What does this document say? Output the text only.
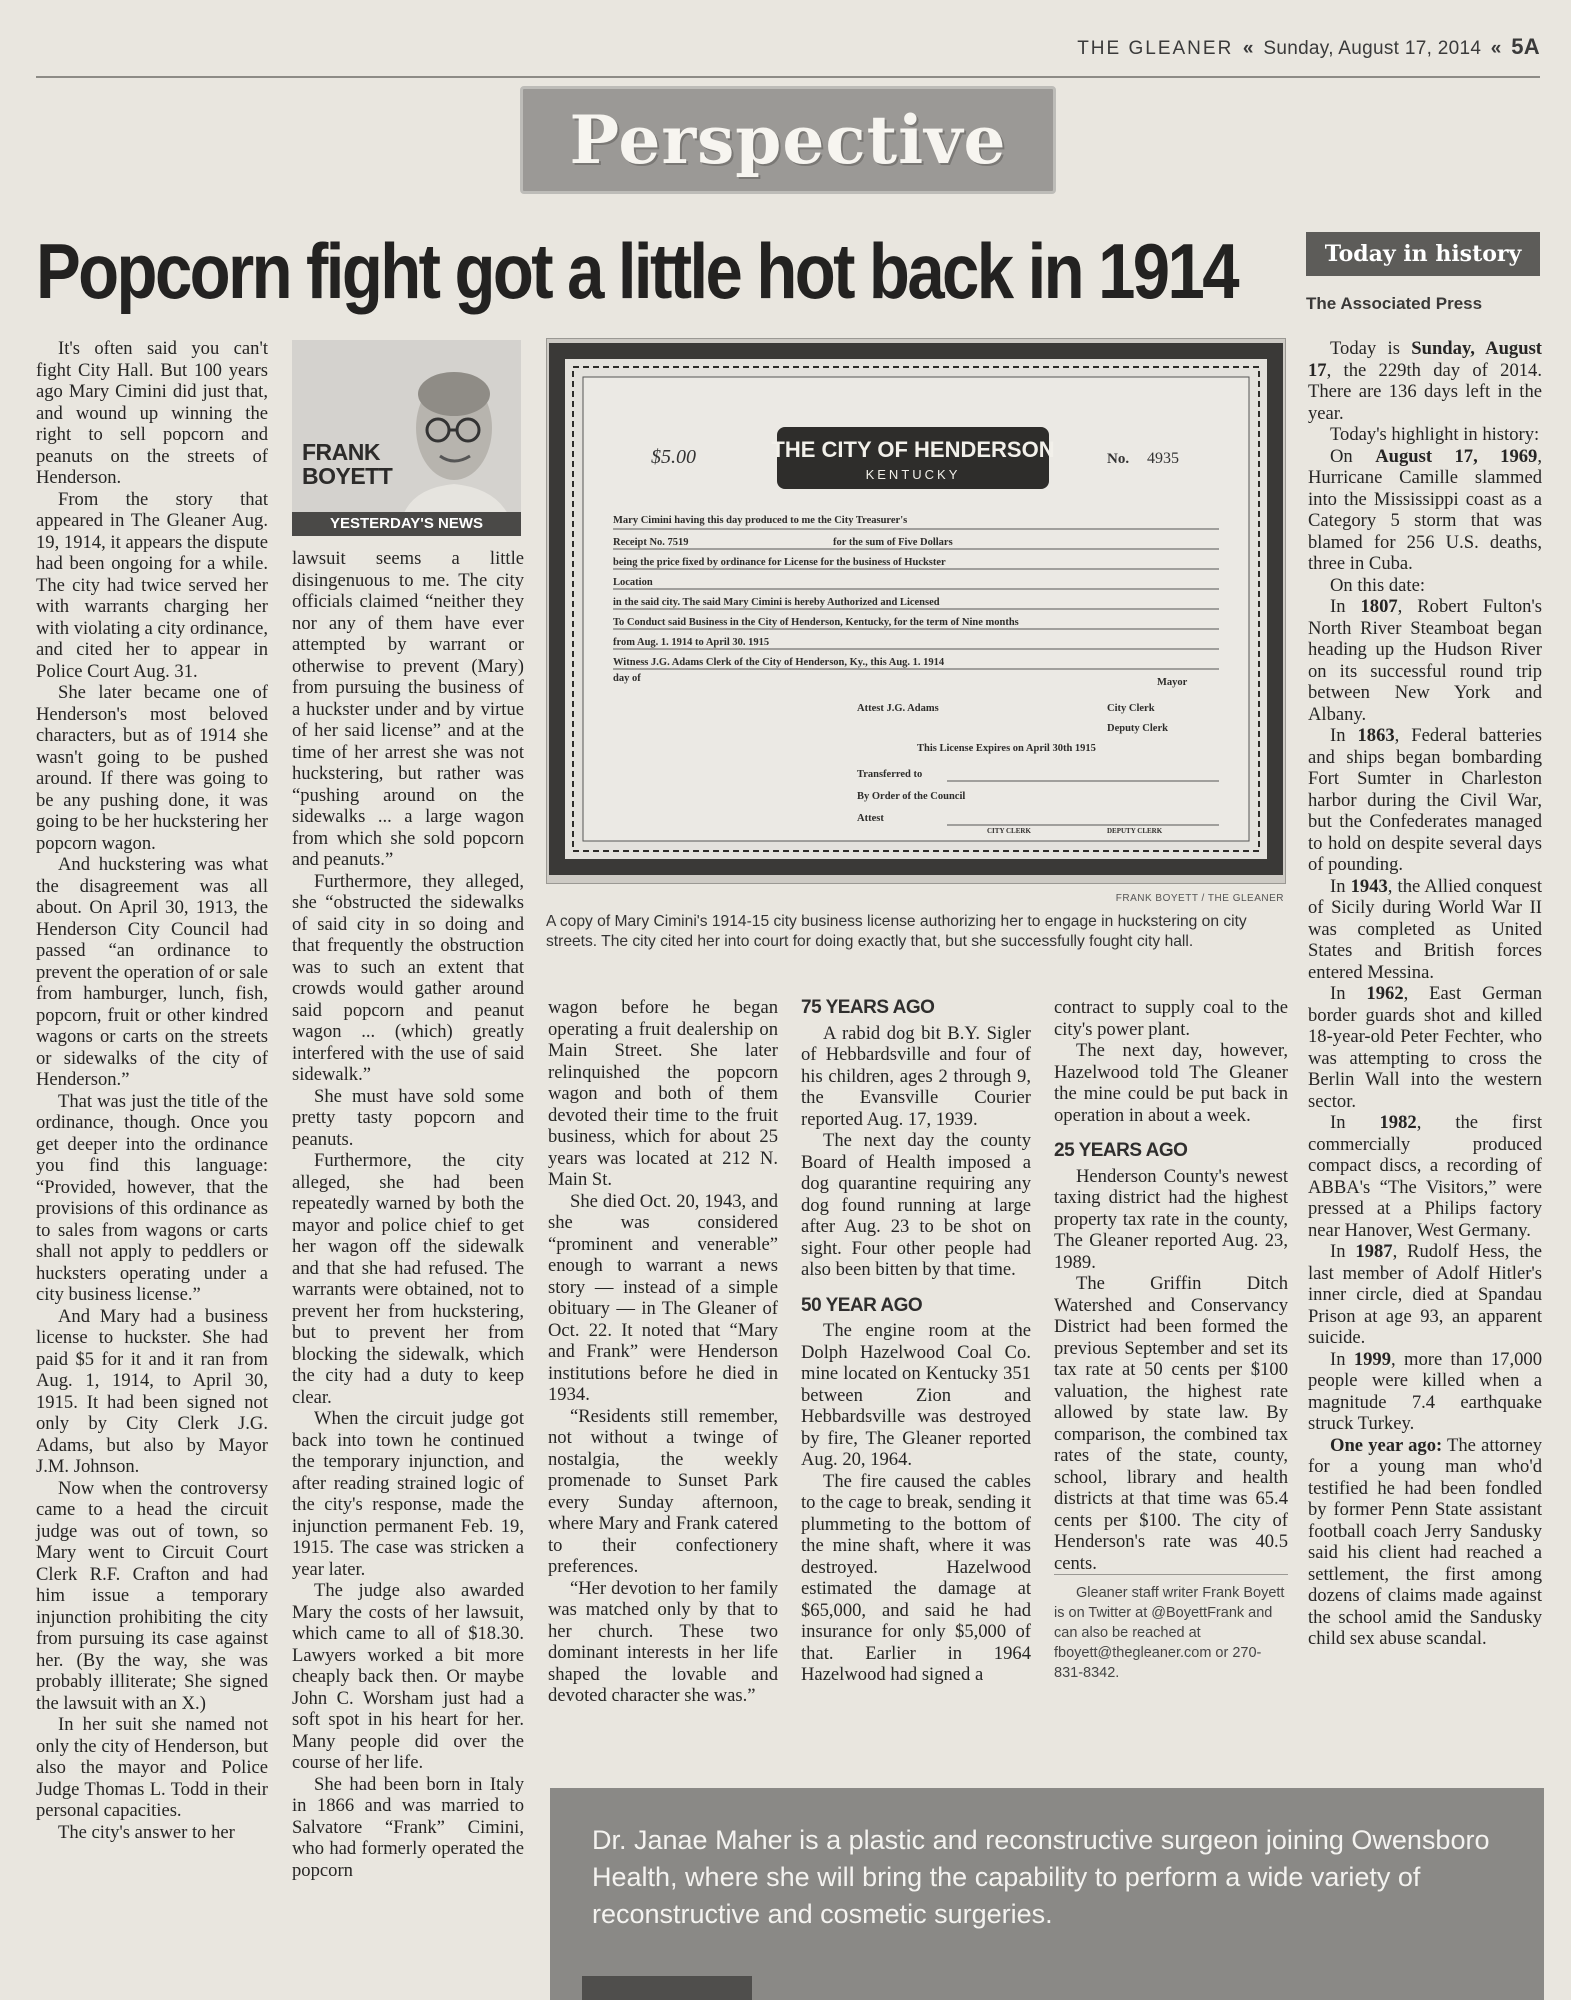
THE GLEANER « Sunday, August 17, 2014 « 5A
Perspective
Popcorn fight got a little hot back in 1914

It's often said you can't fight City Hall. But 100 years ago Mary Cimini did just that, and wound up winning the right to sell popcorn and peanuts on the streets of Henderson.

From the story that appeared in The Gleaner Aug. 19, 1914, it appears the dispute had been ongoing for a while. The city had twice served her with warrants charging her with violating a city ordinance, and cited her to appear in Police Court Aug. 31.

She later became one of Henderson's most beloved characters, but as of 1914 she wasn't going to be pushed around. If there was going to be any pushing done, it was going to be her huckstering her popcorn wagon.

And huckstering was what the disagreement was all about. On April 30, 1913, the Henderson City Council had passed “an ordinance to prevent the operation of or sale from hamburger, lunch, fish, popcorn, fruit or other kindred wagons or carts on the streets or sidewalks of the city of Henderson.”

That was just the title of the ordinance, though. Once you get deeper into the ordinance you find this language: “Provided, however, that the provisions of this ordinance as to sales from wagons or carts shall not apply to peddlers or hucksters operating under a city business license.”

And Mary had a business license to huckster. She had paid $5 for it and it ran from Aug. 1, 1914, to April 30, 1915. It had been signed not only by City Clerk J.G. Adams, but also by Mayor J.M. Johnson.

Now when the controversy came to a head the circuit judge was out of town, so Mary went to Circuit Court Clerk R.F. Crafton and had him issue a temporary injunction prohibiting the city from pursuing its case against her. (By the way, she was probably illiterate; She signed the lawsuit with an X.)

In her suit she named not only the city of Henderson, but also the mayor and Police Judge Thomas L. Todd in their personal capacities.

The city's answer to her

FRANK
BOYETT
YESTERDAY'S NEWS

lawsuit seems a little disingenuous to me. The city officials claimed “neither they nor any of them have ever attempted by warrant or otherwise to prevent (Mary) from pursuing the business of a huckster under and by virtue of her said license” and at the time of her arrest she was not huckstering, but rather was “pushing around on the sidewalks ... a large wagon from which she sold popcorn and peanuts.”

Furthermore, they alleged, she “obstructed the sidewalks of said city in so doing and that frequently the obstruction was to such an extent that crowds would gather around said popcorn and peanut wagon ... (which) greatly interfered with the use of said sidewalk.”

She must have sold some pretty tasty popcorn and peanuts.

Furthermore, the city alleged, she had been repeatedly warned by both the mayor and police chief to get her wagon off the sidewalk and that she had refused. The warrants were obtained, not to prevent her from huckstering, but to prevent her from blocking the sidewalk, which the city had a duty to keep clear.

When the circuit judge got back into town he continued the temporary injunction, and after reading strained logic of the city's response, made the injunction permanent Feb. 19, 1915. The case was stricken a year later.

The judge also awarded Mary the costs of her lawsuit, which came to all of $18.30. Lawyers worked a bit more cheaply back then. Or maybe John C. Worsham just had a soft spot in his heart for her. Many people did over the course of her life.

She had been born in Italy in 1866 and was married to Salvatore “Frank” Cimini, who had formerly operated the popcorn

THE CITY OF HENDERSON
KENTUCKY
$5.00	No. 4935
Mary Cimini having this day produced to me the City Treasurer's
Receipt No. 7519	for the sum of Five Dollars
being the price fixed by ordinance for License for the business of Huckster
Location
in the said city. The said Mary Cimini is hereby Authorized and Licensed
To Conduct said Business in the City of Henderson, Kentucky, for the term of Nine months
from Aug. 1. 1914 to April 30. 1915
Witness J.G. Adams Clerk of the City of Henderson, Ky., this Aug. 1. 1914
day of	Mayor
Attest J.G. Adams	City Clerk
Deputy Clerk
This License Expires on April 30th 1915
Transferred to
By Order of the Council
Attest
CITY CLERK	DEPUTY CLERK
FRANK BOYETT / THE GLEANER
A copy of Mary Cimini's 1914-15 city business license authorizing her to engage in huckstering on city streets. The city cited her into court for doing exactly that, but she successfully fought city hall.

wagon before he began operating a fruit dealership on Main Street. She later relinquished the popcorn wagon and both of them devoted their time to the fruit business, which for about 25 years was located at 212 N. Main St.

She died Oct. 20, 1943, and she was considered “prominent and venerable” enough to warrant a news story — instead of a simple obituary — in The Gleaner of Oct. 22. It noted that “Mary and Frank” were Henderson institutions before he died in 1934.

“Residents still remember, not without a twinge of nostalgia, the weekly promenade to Sunset Park every Sunday afternoon, where Mary and Frank catered to their confectionery preferences.

“Her devotion to her family was matched only by that to her church. These two dominant interests in her life shaped the lovable and devoted character she was.”

75 YEARS AGO

A rabid dog bit B.Y. Sigler of Hebbardsville and four of his children, ages 2 through 9, the Evansville Courier reported Aug. 17, 1939.

The next day the county Board of Health imposed a dog quarantine requiring any dog found running at large after Aug. 23 to be shot on sight. Four other people had also been bitten by that time.

50 YEAR AGO

The engine room at the Dolph Hazelwood Coal Co. mine located on Kentucky 351 between Zion and Hebbardsville was destroyed by fire, The Gleaner reported Aug. 20, 1964.

The fire caused the cables to the cage to break, sending it plummeting to the bottom of the mine shaft, where it was destroyed. Hazelwood estimated the damage at $65,000, and said he had insurance for only $5,000 of that. Earlier in 1964 Hazelwood had signed a

contract to supply coal to the city's power plant.

The next day, however, Hazelwood told The Gleaner the mine could be put back in operation in about a week.

25 YEARS AGO

Henderson County's newest taxing district had the highest property tax rate in the county, The Gleaner reported Aug. 23, 1989.

The Griffin Ditch Watershed and Conservancy District had been formed the previous September and set its tax rate at 50 cents per $100 valuation, the highest rate allowed by state law. By comparison, the combined tax rates of the state, county, school, library and health districts at that time was 65.4 cents per $100. The city of Henderson's rate was 40.5 cents.

Gleaner staff writer Frank Boyett is on Twitter at @BoyettFrank and can also be reached at fboyett@thegleaner.com or 270-831-8342.

Today in history
The Associated Press

Today is Sunday, August 17, the 229th day of 2014. There are 136 days left in the year.

Today's highlight in history:

On August 17, 1969, Hurricane Camille slammed into the Mississippi coast as a Category 5 storm that was blamed for 256 U.S. deaths, three in Cuba.

On this date:

In 1807, Robert Fulton's North River Steamboat began heading up the Hudson River on its successful round trip between New York and Albany.

In 1863, Federal batteries and ships began bombarding Fort Sumter in Charleston harbor during the Civil War, but the Confederates managed to hold on despite several days of pounding.

In 1943, the Allied conquest of Sicily during World War II was completed as United States and British forces entered Messina.

In 1962, East German border guards shot and killed 18-year-old Peter Fechter, who was attempting to cross the Berlin Wall into the western sector.

In 1982, the first commercially produced compact discs, a recording of ABBA's “The Visitors,” were pressed at a Philips factory near Hanover, West Germany.

In 1987, Rudolf Hess, the last member of Adolf Hitler's inner circle, died at Spandau Prison at age 93, an apparent suicide.

In 1999, more than 17,000 people were killed when a magnitude 7.4 earthquake struck Turkey.

One year ago: The attorney for a young man who'd testified he had been fondled by former Penn State assistant football coach Jerry Sandusky said his client had reached a settlement, the first among dozens of claims made against the school amid the Sandusky child sex abuse scandal.

Dr. Janae Maher is a plastic and reconstructive surgeon joining Owensboro Health, where she will bring the capability to perform a wide variety of reconstructive and cosmetic surgeries.
